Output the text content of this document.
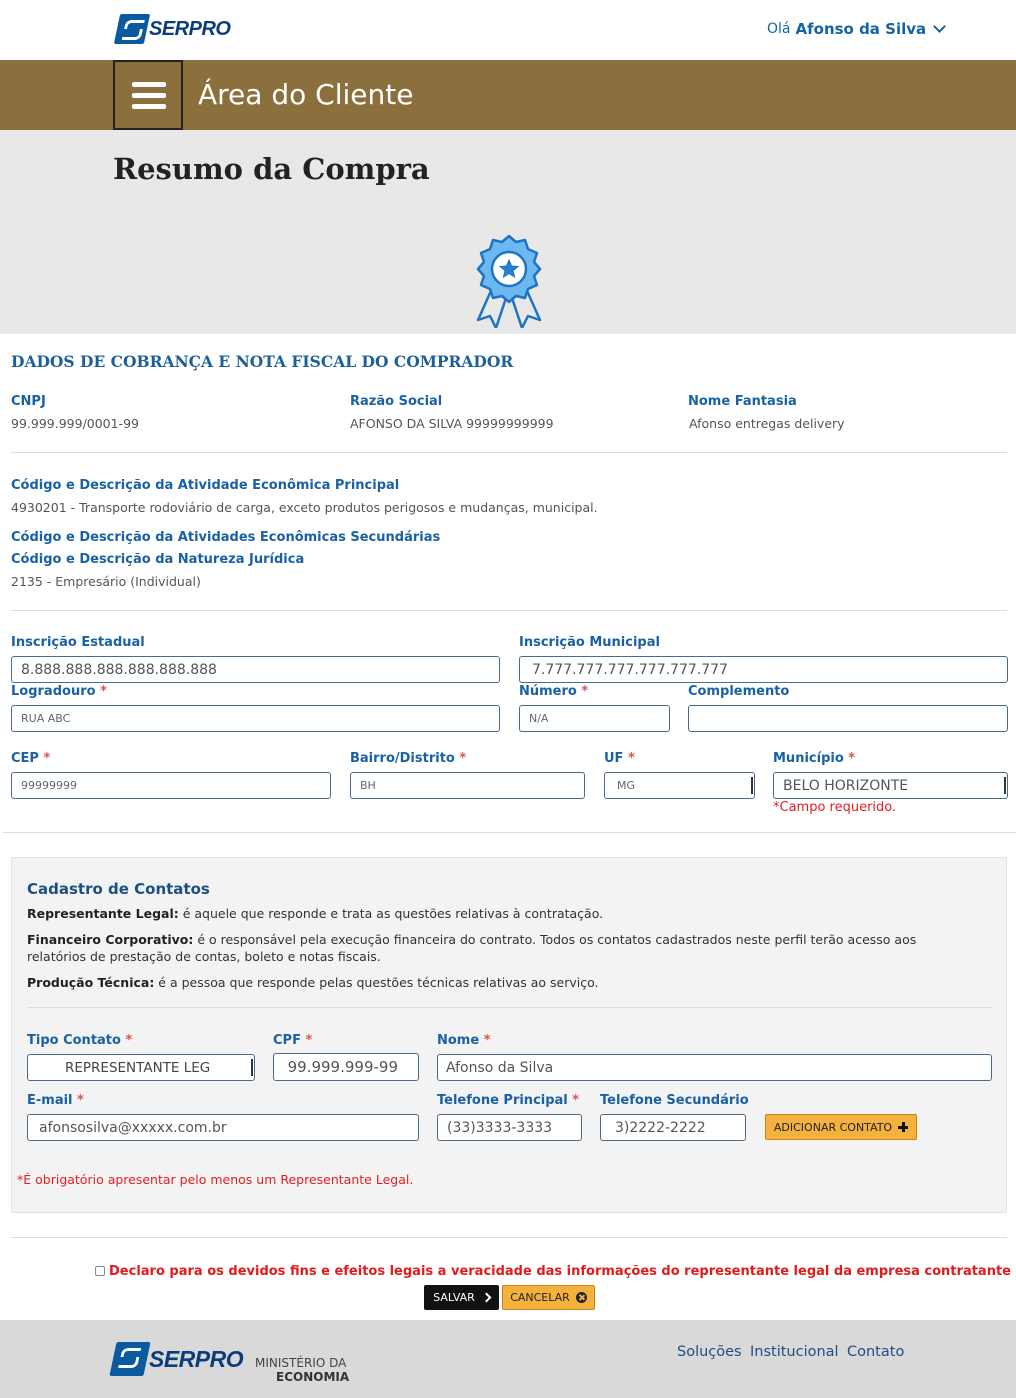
SERPRO	Olá Afonso da Silva
Área do Cliente
Resumo da Compra
DADOS DE COBRANÇA E NOTA FISCAL DO COMPRADOR
CNPJ
99.999.999/0001-99
Razão Social
AFONSO DA SILVA 99999999999
Nome Fantasia
Afonso entregas delivery
Código e Descrição da Atividade Econômica Principal
4930201 - Transporte rodoviário de carga, exceto produtos perigosos e mudanças, municipal.
Código e Descrição da Atividades Econômicas Secundárias
Código e Descrição da Natureza Jurídica
2135 - Empresário (Individual)
Inscrição Estadual
8.888.888.888.888.888.888
Inscrição Municipal
7.777.777.777.777.777.777
Logradouro *
RUA ABC
Número *
N/A
Complemento
CEP *
99999999
Bairro/Distrito *
BH
UF *
MG
Município *
BELO HORIZONTE
*Campo requerido.
Cadastro de Contatos
Representante Legal: é aquele que responde e trata as questões relativas à contratação.
Financeiro Corporativo: é o responsável pela execução financeira do contrato. Todos os contatos cadastrados neste perfil terão acesso aos relatórios de prestação de contas, boleto e notas fiscais.
Produção Técnica: é a pessoa que responde pelas questões técnicas relativas ao serviço.
Tipo Contato *
REPRESENTANTE LEG
CPF *
99.999.999-99
Nome *
Afonso da Silva
E-mail *
afonsosilva@xxxxx.com.br
Telefone Principal *
(33)3333-3333
Telefone Secundário
3)2222-2222	ADICIONAR CONTATO
*É obrigatório apresentar pelo menos um Representante Legal.
Declaro para os devidos fins e efeitos legais a veracidade das informações do representante legal da empresa contratante
SALVAR	CANCELAR
SERPRO MINISTÉRIO DA
ECONOMIA
Soluções Institucional Contato
